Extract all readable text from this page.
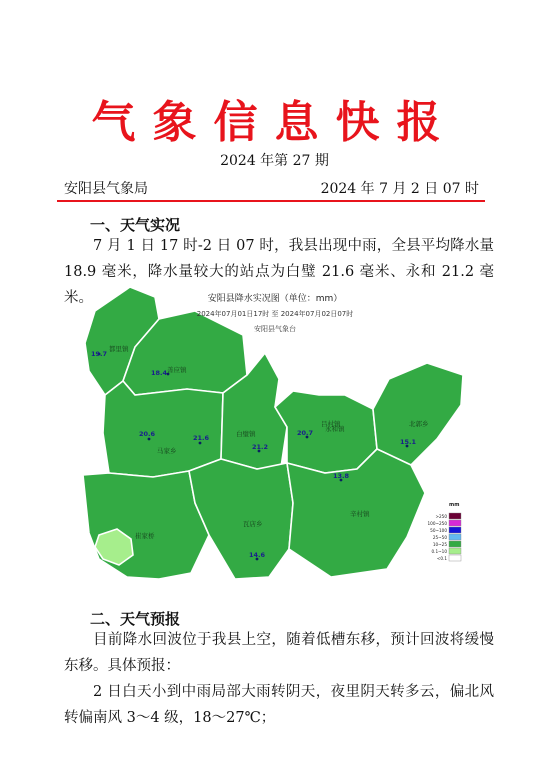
气象信息快报
2024 年第 27 期
安阳县气象局	2024 年 7 月 2 日 07 时
一、天气实况
7 月 1 日 17 时-2 日 07 时，我县出现中雨，全县平均降水量 18.9 毫米，降水量较大的站点为白璧 21.6 毫米、永和 21.2 毫米。	安阳县降水实况图（单位：mm）
2024年07月01日17时 至 2024年07月02日07时
安阳县气象台
19.7
18.4
20.6	21.6
21.2
20.7
15.1
13.8
14.6
都里镇
善应镇
马家乡
白璧镇
永和镇
吕村镇	北郭乡
崔家桥
辛村镇
瓦店乡
mm
>250
100~250
50~100
25~50
10~25
0.1~10
<0.1
二、天气预报
目前降水回波位于我县上空，随着低槽东移，预计回波将缓慢东移。具体预报：
2 日白天小到中雨局部大雨转阴天，夜里阴天转多云，偏北风转偏南风 3～4 级，18～27℃；
